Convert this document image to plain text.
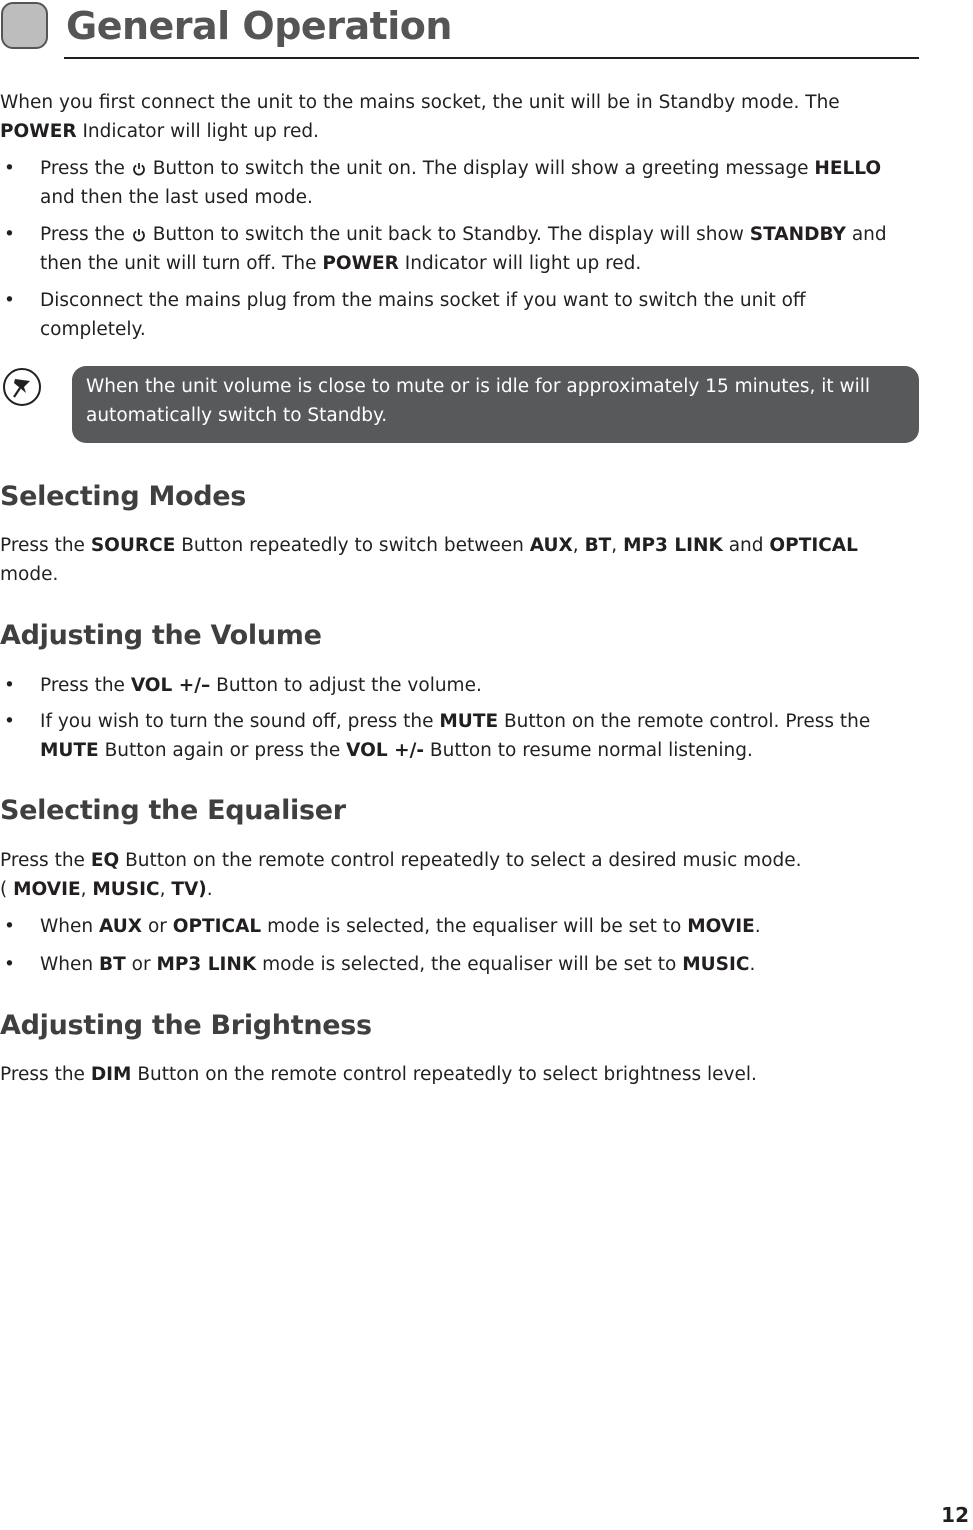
General Operation

When you first connect the unit to the mains socket, the unit will be in Standby mode. The POWER Indicator will light up red.

• Press the  Button to switch the unit on. The display will show a greeting message HELLO and then the last used mode.
• Press the  Button to switch the unit back to Standby. The display will show STANDBY and then the unit will turn off. The POWER Indicator will light up red.
• Disconnect the mains plug from the mains socket if you want to switch the unit off completely.
When the unit volume is close to mute or is idle for approximately 15 minutes, it will automatically switch to Standby.
Selecting Modes

Press the SOURCE Button repeatedly to switch between AUX, BT, MP3 LINK and OPTICAL mode.

Adjusting the Volume
• Press the VOL +/– Button to adjust the volume.
• If you wish to turn the sound off, press the MUTE Button on the remote control. Press the MUTE Button again or press the VOL +/- Button to resume normal listening.
Selecting the Equaliser

Press the EQ Button on the remote control repeatedly to select a desired music mode.
( MOVIE, MUSIC, TV).

• When AUX or OPTICAL mode is selected, the equaliser will be set to MOVIE.
• When BT or MP3 LINK mode is selected, the equaliser will be set to MUSIC.
Adjusting the Brightness

Press the DIM Button on the remote control repeatedly to select brightness level.

12
